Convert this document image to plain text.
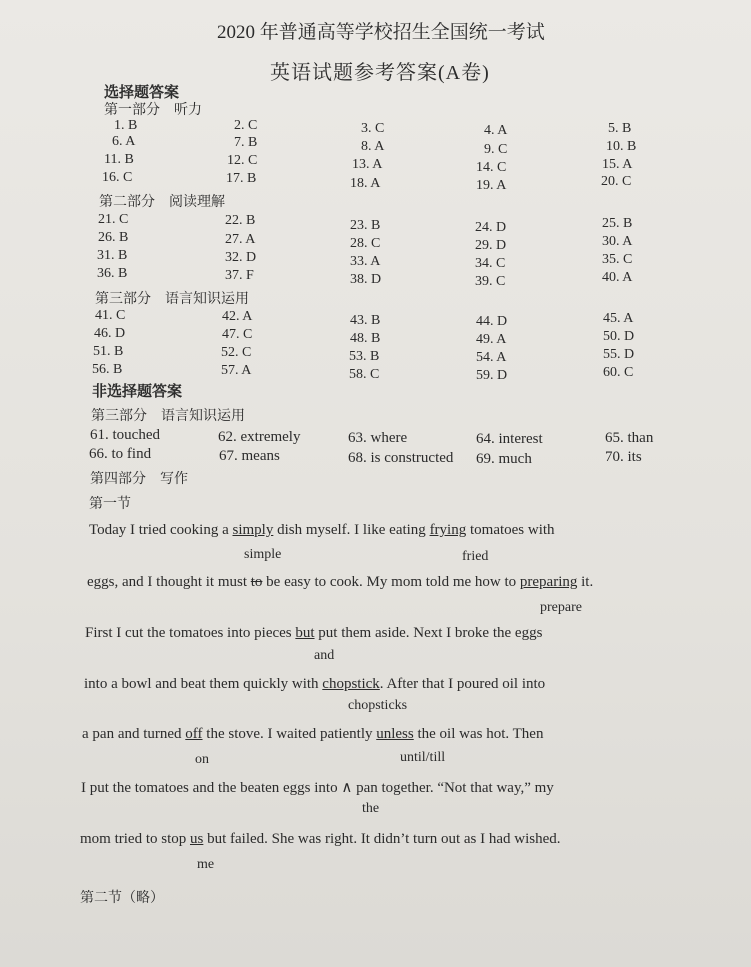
2020 年普通高等学校招生全国统一考试
英语试题参考答案(A卷)
选择题答案
第一部分　听力
1. B	2. C	3. C	4. A	5. B
6. A	7. B	8. A	9. C	10. B
11. B	12. C	13. A	14. C	15. A
16. C	17. B	18. A	19. A	20. C
第二部分　阅读理解
21. C	22. B	23. B	24. D	25. B
26. B	27. A	28. C	29. D	30. A
31. B	32. D	33. A	34. C	35. C
36. B	37. F	38. D	39. C	40. A
第三部分　语言知识运用
41. C	42. A	43. B	44. D	45. A
46. D	47. C	48. B	49. A	50. D
51. B	52. C	53. B	54. A	55. D
56. B	57. A	58. C	59. D	60. C
非选择题答案
第三部分　语言知识运用
61. touched	62. extremely	63. where	64. interest	65. than
66. to find	67. means	68. is constructed 69. much	70. its
第四部分　写作
第一节
Today I tried cooking a simply dish myself. I like eating frying tomatoes with
simple	fried
eggs, and I thought it must to be easy to cook. My mom told me how to preparing it.
prepare
First I cut the tomatoes into pieces but put them aside. Next I broke the eggs
and
into a bowl and beat them quickly with chopstick. After that I poured oil into
chopsticks
a pan and turned off the stove. I waited patiently unless the oil was hot. Then
on	until/till
I put the tomatoes and the beaten eggs into ∧ pan together. “Not that way,” my
the
mom tried to stop us but failed. She was right. It didn’t turn out as I had wished.
me
第二节（略）
